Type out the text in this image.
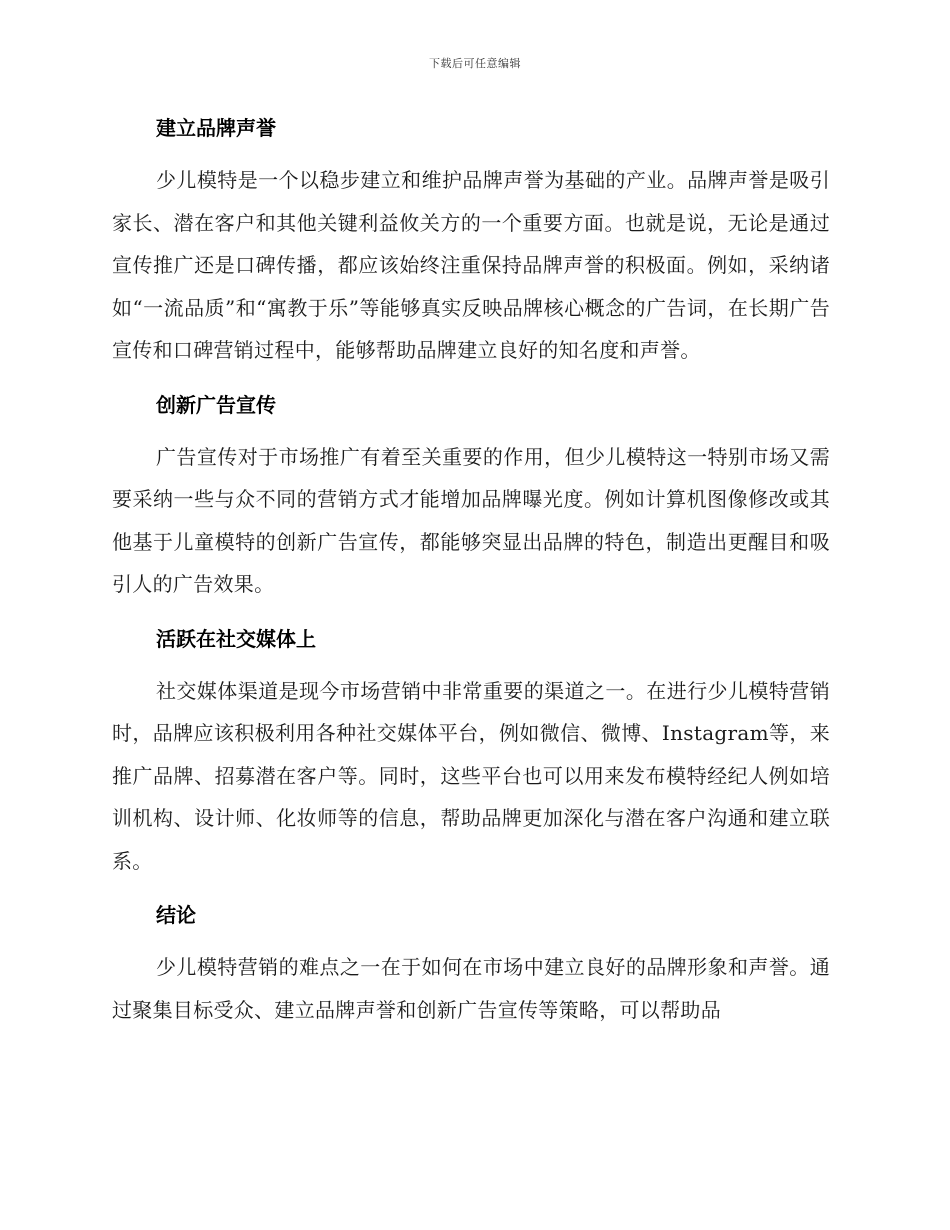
下载后可任意编辑
建立品牌声誉

少儿模特是一个以稳步建立和维护品牌声誉为基础的产业。品牌声誉是吸引家长、潜在客户和其他关键利益攸关方的一个重要方面。也就是说，无论是通过宣传推广还是口碑传播，都应该始终注重保持品牌声誉的积极面。例如，采纳诸如“一流品质”和“寓教于乐”等能够真实反映品牌核心概念的广告词，在长期广告宣传和口碑营销过程中，能够帮助品牌建立良好的知名度和声誉。

创新广告宣传

广告宣传对于市场推广有着至关重要的作用，但少儿模特这一特别市场又需要采纳一些与众不同的营销方式才能增加品牌曝光度。例如计算机图像修改或其他基于儿童模特的创新广告宣传，都能够突显出品牌的特色，制造出更醒目和吸引人的广告效果。

活跃在社交媒体上

社交媒体渠道是现今市场营销中非常重要的渠道之一。在进行少儿模特营销时，品牌应该积极利用各种社交媒体平台，例如微信、微博、Instagram等，来推广品牌、招募潜在客户等。同时，这些平台也可以用来发布模特经纪人例如培训机构、设计师、化妆师等的信息，帮助品牌更加深化与潜在客户沟通和建立联系。

结论

少儿模特营销的难点之一在于如何在市场中建立良好的品牌形象和声誉。通过聚集目标受众、建立品牌声誉和创新广告宣传等策略，可以帮助品
